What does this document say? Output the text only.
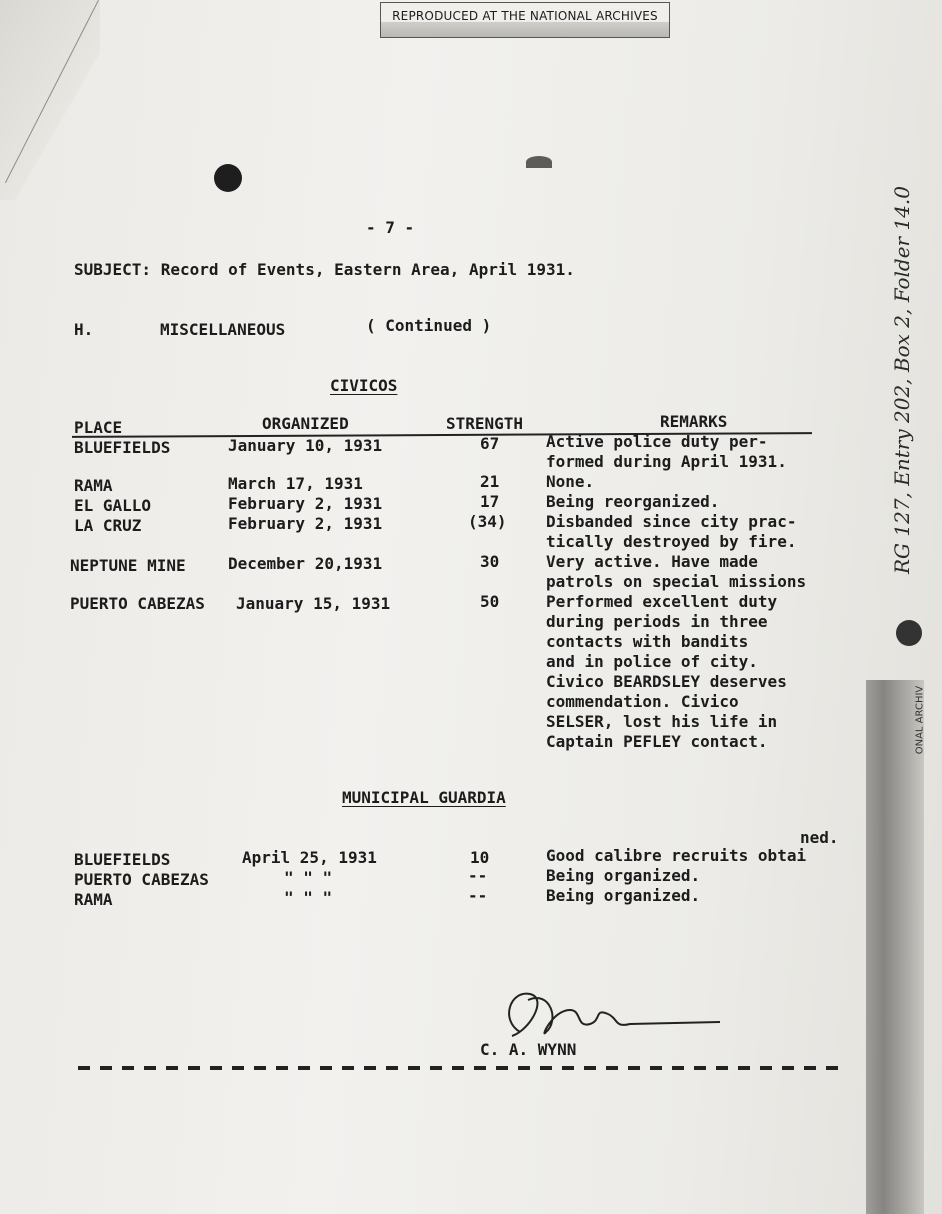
REPRODUCED AT THE NATIONAL ARCHIVES
- 7 -
SUBJECT: Record of Events, Eastern Area, April 1931.
H.	MISCELLANEOUS	( Continued )
CIVICOS
PLACE	ORGANIZED	STRENGTH	REMARKS
BLUEFIELDS	January 10, 1931	67	Active police duty per-
formed during April 1931.
RAMA	March 17, 1931	21	None.
EL GALLO	February 2, 1931	17	Being reorganized.
LA CRUZ	February 2, 1931	(34) Disbanded since city prac-
tically destroyed by fire.
NEPTUNE MINE	December 20,1931	30	Very active. Have made
patrols on special missions
PUERTO CABEZAS January 15, 1931	50	Performed excellent duty
during periods in three
contacts with bandits
and in police of city.
Civico BEARDSLEY deserves
commendation. Civico
SELSER, lost his life in
Captain PEFLEY contact.
MUNICIPAL GUARDIA
ned.
BLUEFIELDS	April 25, 1931	10	Good calibre recruits obtai
PUERTO CABEZAS	" " "	--	Being organized.
RAMA	" " "	--	Being organized.
C. A. WYNN
RG 127, Entry 202, Box 2, Folder 14.0
ONAL ARCHIV
